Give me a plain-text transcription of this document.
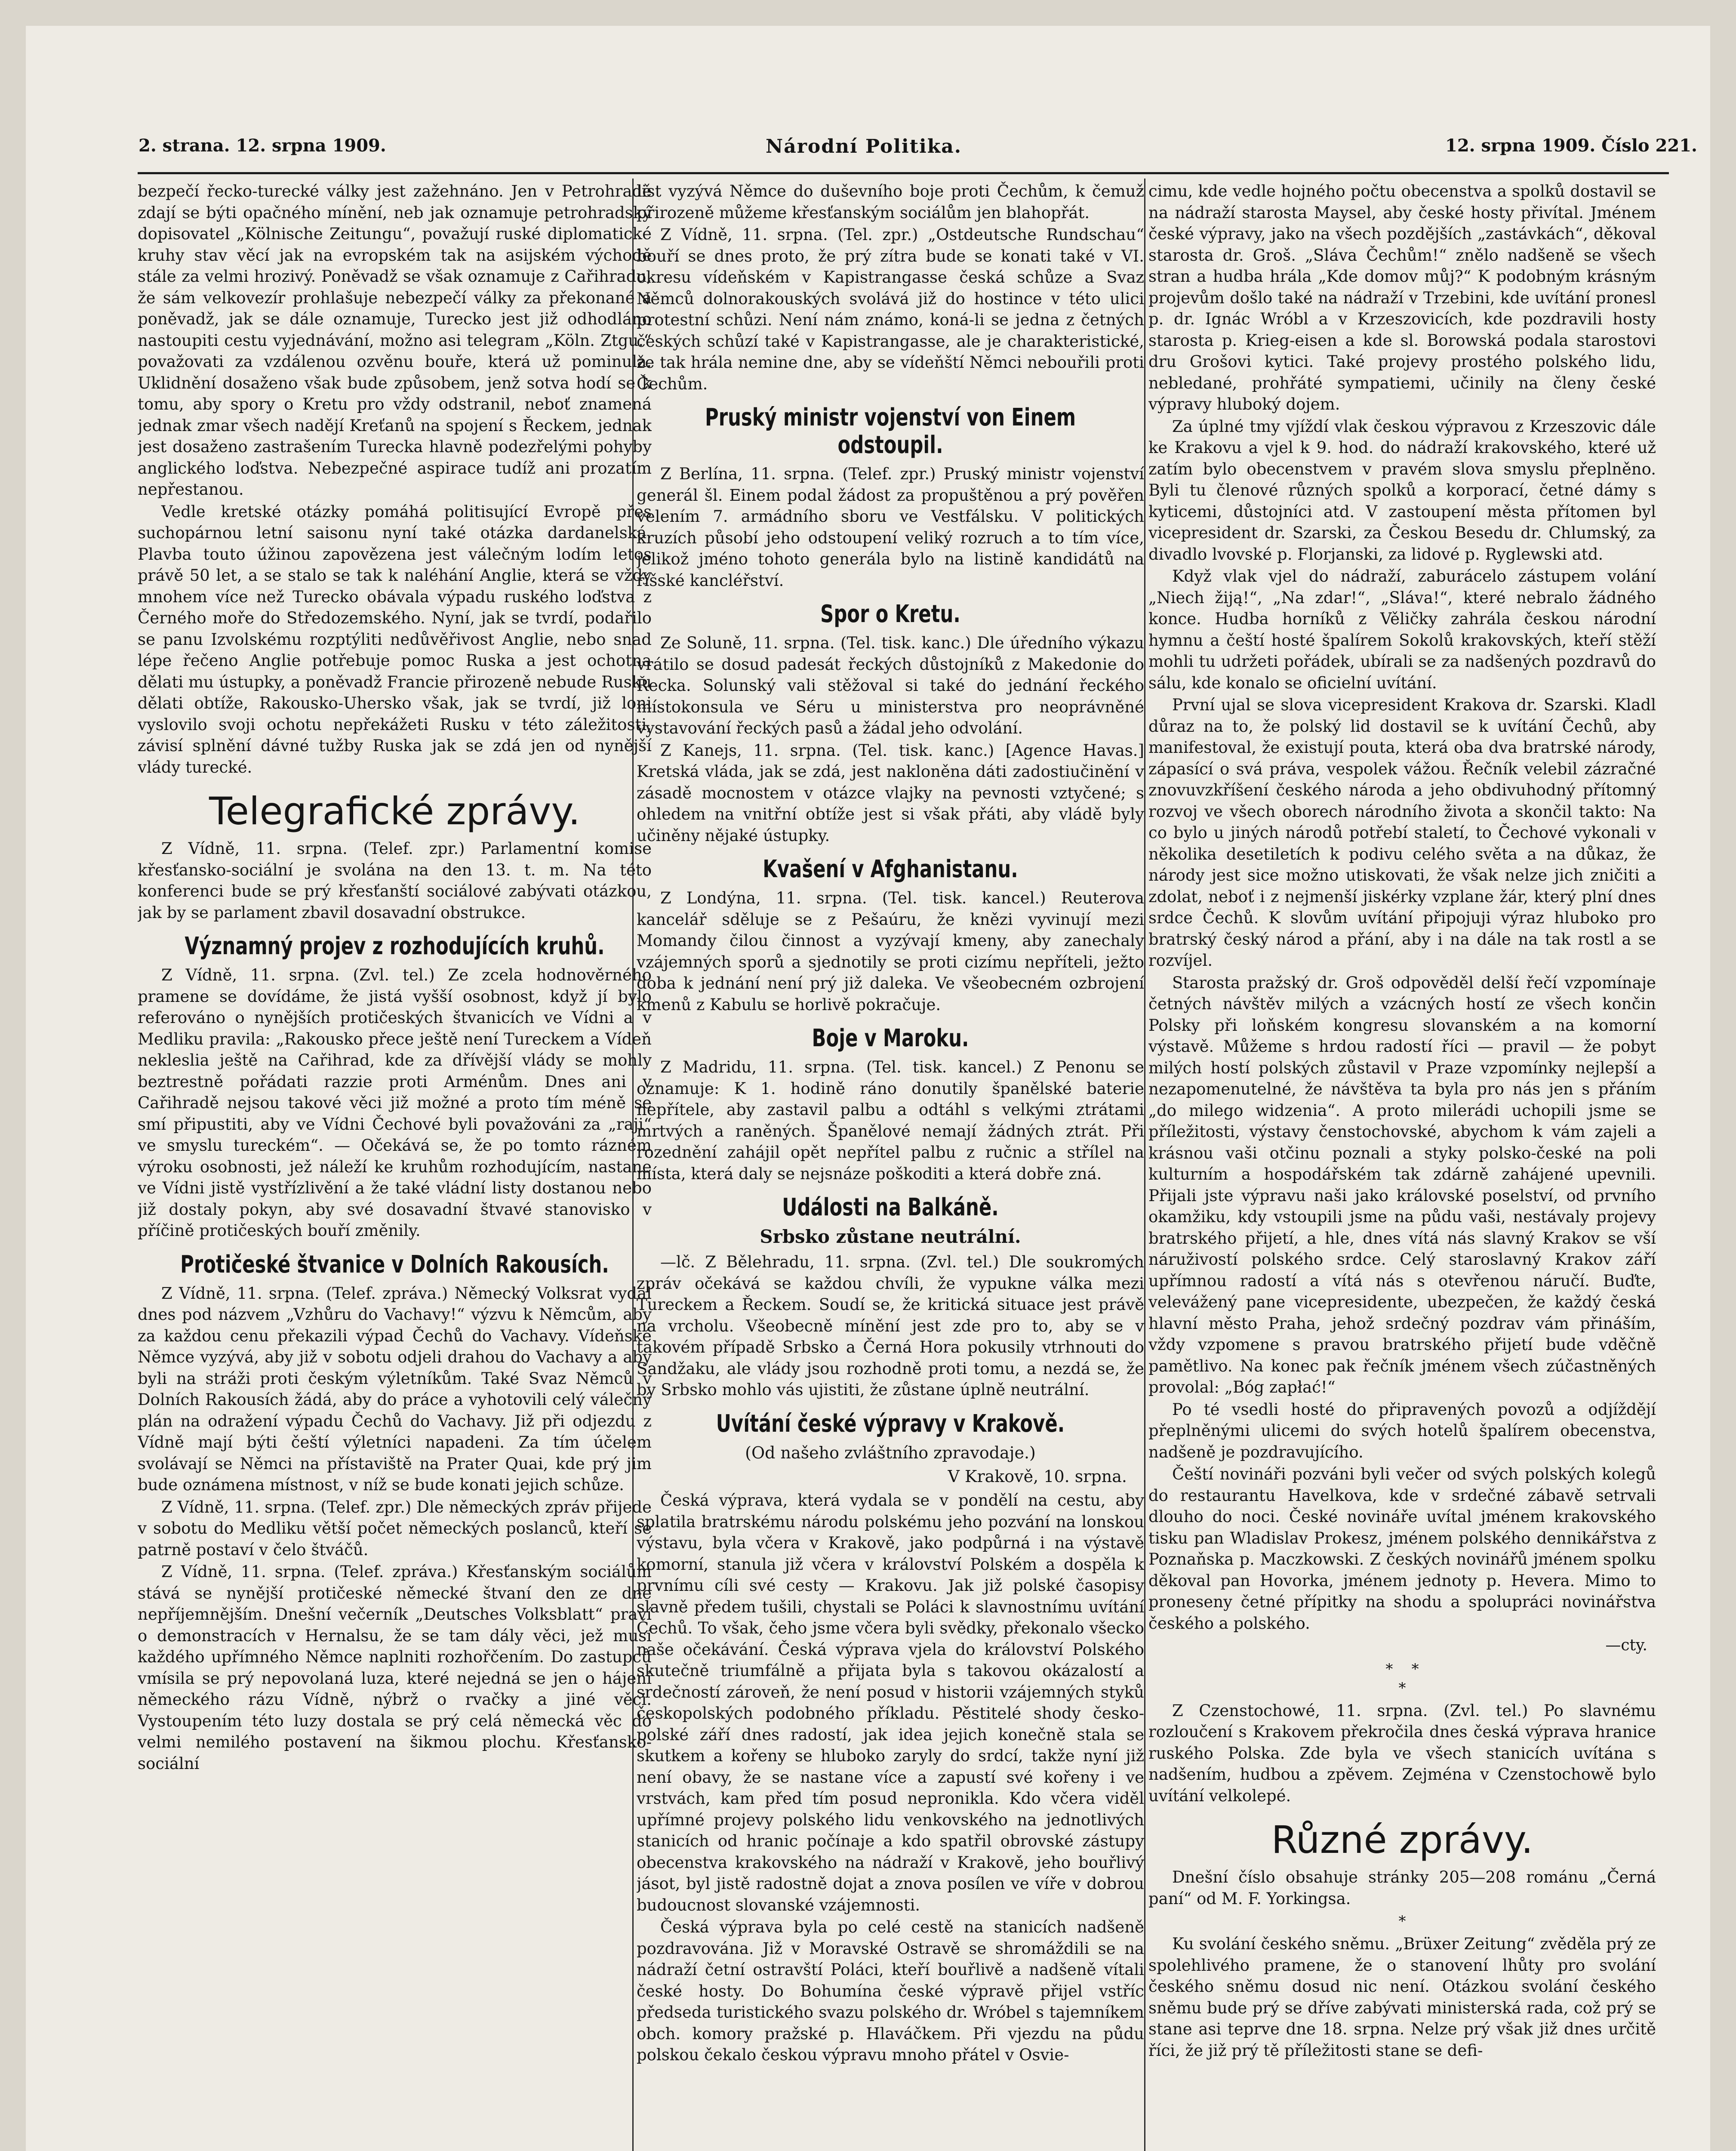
2. strana. 12. srpna 1909.	Národní Politika.	12. srpna 1909. Číslo 221.

bezpečí řecko-turecké války jest zažehnáno. Jen v Petrohradě zdají se býti opačného mínění, neb jak oznamuje petrohradský dopisovatel „Kölnische Zeitungu“, považují ruské diplomatické kruhy stav věcí jak na evropském tak na asijském východě stále za velmi hrozivý. Poněvadž se však oznamuje z Cařihradu, že sám velkovezír prohlašuje nebezpečí války za překonané a poněvadž, jak se dále oznamuje, Turecko jest již odhodláno nastoupiti cestu vyjednávání, možno asi telegram „Köln. Ztgu.“ považovati za vzdálenou ozvěnu bouře, která už pominula. Uklidnění dosaženo však bude způsobem, jenž sotva hodí se k tomu, aby spory o Kretu pro vždy odstranil, neboť znamená jednak zmar všech nadějí Kreťanů na spojení s Řeckem, jednak jest dosaženo zastrašením Turecka hlavně podezřelými pohyby anglického loďstva. Nebezpečné aspirace tudíž ani prozatím nepřestanou.

Vedle kretské otázky pomáhá politisující Evropě přes suchopárnou letní saisonu nyní také otázka dardanelská. Plavba touto úžinou zapovězena jest válečným lodím letos právě 50 let, a se stalo se tak k naléhání Anglie, která se vždy mnohem více než Turecko obávala výpadu ruského loďstva z Černého moře do Středozemského. Nyní, jak se tvrdí, podařilo se panu Izvolskému rozptýliti nedůvěřivost Anglie, nebo snad lépe řečeno Anglie potřebuje pomoc Ruska a jest ochotna dělati mu ústupky, a poněvadž Francie přirozeně nebude Rusku dělati obtíže, Rakousko-Uhersko však, jak se tvrdí, již loni vyslovilo svoji ochotu nepřekážeti Rusku v této záležitosti, závisí splnění dávné tužby Ruska jak se zdá jen od nynější vlády turecké.

Telegrafické zprávy.

Z Vídně, 11. srpna. (Telef. zpr.) Parlamentní komise křesťansko-sociální je svolána na den 13. t. m. Na této konferenci bude se prý křesťanští sociálové zabývati otázkou, jak by se parlament zbavil dosavadní obstrukce.

Významný projev z rozhodujících kruhů.

Z Vídně, 11. srpna. (Zvl. tel.) Ze zcela hodnověrného pramene se dovídáme, že jistá vyšší osobnost, když jí bylo referováno o nynějších protičeských štvanicích ve Vídni a v Medliku pravila: „Rakousko přece ještě není Tureckem a Vídeň nekleslia ještě na Cařihrad, kde za dřívější vlády se mohly beztrestně pořádati razzie proti Arménům. Dnes ani v Cařihradě nejsou takové věci již možné a proto tím méně se smí připustiti, aby ve Vídni Čechové byli považováni za „raji“ ve smyslu tureckém“. — Očekává se, že po tomto rázném výroku osobnosti, jež náleží ke kruhům rozhodujícím, nastane ve Vídni jistě vystřízlivění a že také vládní listy dostanou nebo již dostaly pokyn, aby své dosavadní štvavé stanovisko v příčině protičeských bouří změnily.

Protičeské štvanice v Dolních Rakousích.

Z Vídně, 11. srpna. (Telef. zpráva.) Německý Volksrat vydal dnes pod názvem „Vzhůru do Vachavy!“ výzvu k Němcům, aby za každou cenu překazili výpad Čechů do Vachavy. Vídeňské Němce vyzývá, aby již v sobotu odjeli drahou do Vachavy a aby byli na stráži proti českým výletníkům. Také Svaz Němců v Dolních Rakousích žádá, aby do práce a vyhotovili celý válečný plán na odražení výpadu Čechů do Vachavy. Již při odjezdu z Vídně mají býti čeští výletníci napadeni. Za tím účelem svolávají se Němci na přístaviště na Prater Quai, kde prý jim bude oznámena místnost, v níž se bude konati jejich schůze.

Z Vídně, 11. srpna. (Telef. zpr.) Dle německých zpráv přijede v sobotu do Medliku větší počet německých poslanců, kteří se patrně postaví v čelo štváčů.

Z Vídně, 11. srpna. (Telef. zpráva.) Křesťanským sociálům stává se nynější protičeské německé štvaní den ze dne nepříjemnějším. Dnešní večerník „Deutsches Volksblatt“ praví o demonstracích v Hernalsu, že se tam dály věci, jež musí každého upřímného Němce naplniti rozhořčením. Do zastupců vmísila se prý nepovolaná luza, které nejedná se jen o hájení německého rázu Vídně, nýbrž o rvačky a jiné věci. Vystoupením této luzy dostala se prý celá německá věc do velmi nemilého postavení na šikmou plochu. Křesťansko-sociální

list vyzývá Němce do duševního boje proti Čechům, k čemuž přirozeně můžeme křesťanským sociálům jen blahopřát.

Z Vídně, 11. srpna. (Tel. zpr.) „Ostdeutsche Rundschau“ bouří se dnes proto, že prý zítra bude se konati také v VI. okresu vídeňském v Kapistrangasse česká schůze a Svaz Němců dolnorakouských svolává již do hostince v této ulici protestní schůzi. Není nám známo, koná-li se jedna z četných českých schůzí také v Kapistrangasse, ale je charakteristické, že tak hrála nemine dne, aby se vídeňští Němci nebouřili proti Čechům.

Pruský ministr vojenství von Einem odstoupil.

Z Berlína, 11. srpna. (Telef. zpr.) Pruský ministr vojenství generál šl. Einem podal žádost za propuštěnou a prý pověřen velením 7. armádního sboru ve Vestfálsku. V politických kruzích působí jeho odstoupení veliký rozruch a to tím více, jelikož jméno tohoto generála bylo na listině kandidátů na říšské kancléřství.

Spor o Kretu.

Ze Soluně, 11. srpna. (Tel. tisk. kanc.) Dle úředního výkazu vrátilo se dosud padesát řeckých důstojníků z Makedonie do Řecka. Solunský vali stěžoval si také do jednání řeckého místokonsula ve Séru u ministerstva pro neoprávněné vystavování řeckých pasů a žádal jeho odvolání.

Z Kanejs, 11. srpna. (Tel. tisk. kanc.) [Agence Havas.] Kretská vláda, jak se zdá, jest nakloněna dáti zadostiučinění v zásadě mocnostem v otázce vlajky na pevnosti vztyčené; s ohledem na vnitřní obtíže jest si však přáti, aby vládě byly učiněny nějaké ústupky.

Kvašení v Afghanistanu.

Z Londýna, 11. srpna. (Tel. tisk. kancel.) Reuterova kancelář sděluje se z Pešaúru, že knězi vyvinují mezi Momandy čilou činnost a vyzývají kmeny, aby zanechaly vzájemných sporů a sjednotily se proti cizímu nepříteli, ježto doba k jednání není prý již daleka. Ve všeobecném ozbrojení kmenů z Kabulu se horlivě pokračuje.

Boje v Maroku.

Z Madridu, 11. srpna. (Tel. tisk. kancel.) Z Penonu se oznamuje: K 1. hodině ráno donutily španělské baterie nepřítele, aby zastavil palbu a odtáhl s velkými ztrátami mrtvých a raněných. Španělové nemají žádných ztrát. Při rozednění zahájil opět nepřítel palbu z ručnic a střílel na místa, která daly se nejsnáze poškoditi a která dobře zná.

Události na Balkáně.
Srbsko zůstane neutrální.

—lč. Z Bělehradu, 11. srpna. (Zvl. tel.) Dle soukromých zpráv očekává se každou chvíli, že vypukne válka mezi Tureckem a Řeckem. Soudí se, že kritická situace jest právě na vrcholu. Všeobecně mínění jest zde pro to, aby se v takovém případě Srbsko a Černá Hora pokusily vtrhnouti do Sandžaku, ale vlády jsou rozhodně proti tomu, a nezdá se, že by Srbsko mohlo vás ujistiti, že zůstane úplně neutrální.

Uvítání české výpravy v Krakově.
(Od našeho zvláštního zpravodaje.)
V Krakově, 10. srpna.

Česká výprava, která vydala se v pondělí na cestu, aby splatila bratrskému národu polskému jeho pozvání na lonskou výstavu, byla včera v Krakově, jako podpůrná i na výstavě komorní, stanula již včera v království Polském a dospěla k prvnímu cíli své cesty — Krakovu. Jak již polské časopisy slavně předem tušili, chystali se Poláci k slavnostnímu uvítání Čechů. To však, čeho jsme včera byli svědky, překonalo všecko naše očekávání. Česká výprava vjela do království Polského skutečně triumfálně a přijata byla s takovou okázalostí a srdečností zároveň, že není posud v historii vzájemných styků českopolských podobného příkladu. Pěstitelé shody česko-polské září dnes radostí, jak idea jejich konečně stala se skutkem a kořeny se hluboko zaryly do srdcí, takže nyní již není obavy, že se nastane více a zapustí své kořeny i ve vrstvách, kam před tím posud nepronikla. Kdo včera viděl upřímné projevy polského lidu venkovského na jednotlivých stanicích od hranic počínaje a kdo spatřil obrovské zástupy obecenstva krakovského na nádraží v Krakově, jeho bouřlivý jásot, byl jistě radostně dojat a znova posílen ve víře v dobrou budoucnost slovanské vzájemnosti.

Česká výprava byla po celé cestě na stanicích nadšeně pozdravována. Již v Moravské Ostravě se shromáždili se na nádraží četní ostravští Poláci, kteří bouřlivě a nadšeně vítali české hosty. Do Bohumína české výpravě přijel vstříc předseda turistického svazu polského dr. Wróbel s tajemníkem obch. komory pražské p. Hlaváčkem. Při vjezdu na půdu polskou čekalo českou výpravu mnoho přátel v Osvie-

cimu, kde vedle hojného počtu obecenstva a spolků dostavil se na nádraží starosta Maysel, aby české hosty přivítal. Jménem české výpravy, jako na všech pozdějších „zastávkách“, děkoval starosta dr. Groš. „Sláva Čechům!“ znělo nadšeně se všech stran a hudba hrála „Kde domov můj?“ K podobným krásným projevům došlo také na nádraží v Trzebini, kde uvítání pronesl p. dr. Ignác Wróbl a v Krzeszovicích, kde pozdravili hosty starosta p. Krieg-eisen a kde sl. Borowská podala starostovi dru Grošovi kytici. Také projevy prostého polského lidu, nebledané, prohřáté sympatiemi, učinily na členy české výpravy hluboký dojem.

Za úplné tmy vjíždí vlak českou výpravou z Krzeszovic dále ke Krakovu a vjel k 9. hod. do nádraží krakovského, které už zatím bylo obecenstvem v pravém slova smyslu přeplněno. Byli tu členové různých spolků a korporací, četné dámy s kyticemi, důstojníci atd. V zastoupení města přítomen byl vicepresident dr. Szarski, za Českou Besedu dr. Chlumský, za divadlo lvovské p. Florjanski, za lidové p. Ryglewski atd.

Když vlak vjel do nádraží, zaburácelo zástupem volání „Niech žiją!“, „Na zdar!“, „Sláva!“, které nebralo žádného konce. Hudba horníků z Věličky zahrála českou národní hymnu a čeští hosté špalírem Sokolů krakovských, kteří stěží mohli tu udržeti pořádek, ubírali se za nadšených pozdravů do sálu, kde konalo se oficielní uvítání.

První ujal se slova vicepresident Krakova dr. Szarski. Kladl důraz na to, že polský lid dostavil se k uvítání Čechů, aby manifestoval, že existují pouta, která oba dva bratrské národy, zápasící o svá práva, vespolek vážou. Řečník velebil zázračné znovuvzkříšení českého národa a jeho obdivuhodný přítomný rozvoj ve všech oborech národního života a skončil takto: Na co bylo u jiných národů potřebí staletí, to Čechové vykonali v několika desetiletích k podivu celého světa a na důkaz, že národy jest sice možno utiskovati, že však nelze jich zničiti a zdolat, neboť i z nejmenší jiskérky vzplane žár, který plní dnes srdce Čechů. K slovům uvítání připojuji výraz hluboko pro bratrský český národ a přání, aby i na dále na tak rostl a se rozvíjel.

Starosta pražský dr. Groš odpověděl delší řečí vzpomínaje četných návštěv milých a vzácných hostí ze všech končin Polsky při loňském kongresu slovanském a na komorní výstavě. Můžeme s hrdou radostí říci — pravil — že pobyt milých hostí polských zůstavil v Praze vzpomínky nejlepší a nezapomenutelné, že návštěva ta byla pro nás jen s přáním „do milego widzenia“. A proto milerádi uchopili jsme se příležitosti, výstavy čenstochovské, abychom k vám zajeli a krásnou vaši otčinu poznali a styky polsko-české na poli kulturním a hospodářském tak zdárně zahájené upevnili. Přijali jste výpravu naši jako královské poselství, od prvního okamžiku, kdy vstoupili jsme na půdu vaši, nestávaly projevy bratrského přijetí, a hle, dnes vítá nás slavný Krakov se vší náruživostí polského srdce. Celý staroslavný Krakov září upřímnou radostí a vítá nás s otevřenou náručí. Buďte, velevážený pane vicepresidente, ubezpečen, že každý česká hlavní město Praha, jehož srdečný pozdrav vám přináším, vždy vzpomene s pravou bratrského přijetí bude vděčně pamětlivo. Na konec pak řečník jménem všech zúčastněných provolal: „Bóg zapłać!“

Po té vsedli hosté do připravených povozů a odjíždějí přeplněnými ulicemi do svých hotelů špalírem obecenstva, nadšeně je pozdravujícího.

Čeští novináři pozváni byli večer od svých polských kolegů do restaurantu Havelkova, kde v srdečné zábavě setrvali dlouho do noci. České novináře uvítal jménem krakovského tisku pan Wladislav Prokesz, jménem polského dennikářstva z Poznaňska p. Maczkowski. Z českých novinářů jménem spolku děkoval pan Hovorka, jménem jednoty p. Hevera. Mimo to proneseny četné přípitky na shodu a spolupráci novinářstva českého a polského.

—cty.
*    *
*

Z Czenstochowé, 11. srpna. (Zvl. tel.) Po slavnému rozloučení s Krakovem překročila dnes česká výprava hranice ruského Polska. Zde byla ve všech stanicích uvítána s nadšením, hudbou a zpěvem. Zejména v Czenstochowě bylo uvítání velkolepé.

Různé zprávy.

Dnešní číslo obsahuje stránky 205—208 románu „Černá paní“ od M. F. Yorkingsa.

*

Ku svolání českého sněmu. „Brüxer Zeitung“ zvěděla prý ze spolehlivého pramene, že o stanovení lhůty pro svolání českého sněmu dosud nic není. Otázkou svolání českého sněmu bude prý se dříve zabývati ministerská rada, což prý se stane asi teprve dne 18. srpna. Nelze prý však již dnes určitě říci, že již prý tě příležitosti stane se defi-
